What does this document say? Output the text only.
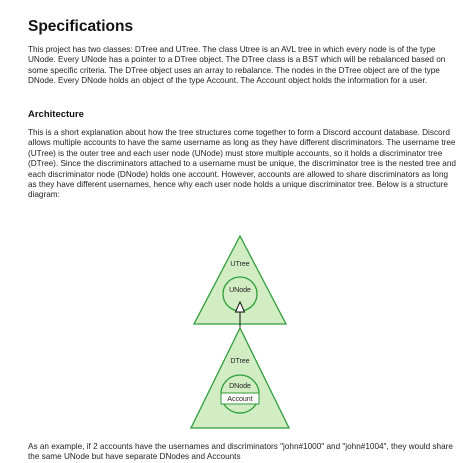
Specifications

This project has two classes: DTree and UTree. The class Utree is an AVL tree in which every node is of the type UNode. Every UNode has a pointer to a DTree object. The DTree class is a BST which will be rebalanced based on some specific criteria. The DTree object uses an array to rebalance. The nodes in the DTree object are of the type DNode. Every DNode holds an object of the type Account. The Account object holds the information for a user.

Architecture

This is a short explanation about how the tree structures come together to form a Discord account database. Discord allows multiple accounts to have the same username as long as they have different discriminators. The username tree (UTree) is the outer tree and each user node (UNode) must store multiple accounts, so it holds a discriminator tree (DTree). Since the discriminators attached to a username must be unique, the discriminator tree is the nested tree and each discriminator node (DNode) holds one account. However, accounts are allowed to share discriminators as long as they have different usernames, hence why each user node holds a unique discriminator tree. Below is a structure diagram:

UTree
UNode
DTree
DNode
Account

As an example, if 2 accounts have the usernames and discriminators "john#1000" and "john#1004", they would share the same UNode but have separate DNodes and Accounts
